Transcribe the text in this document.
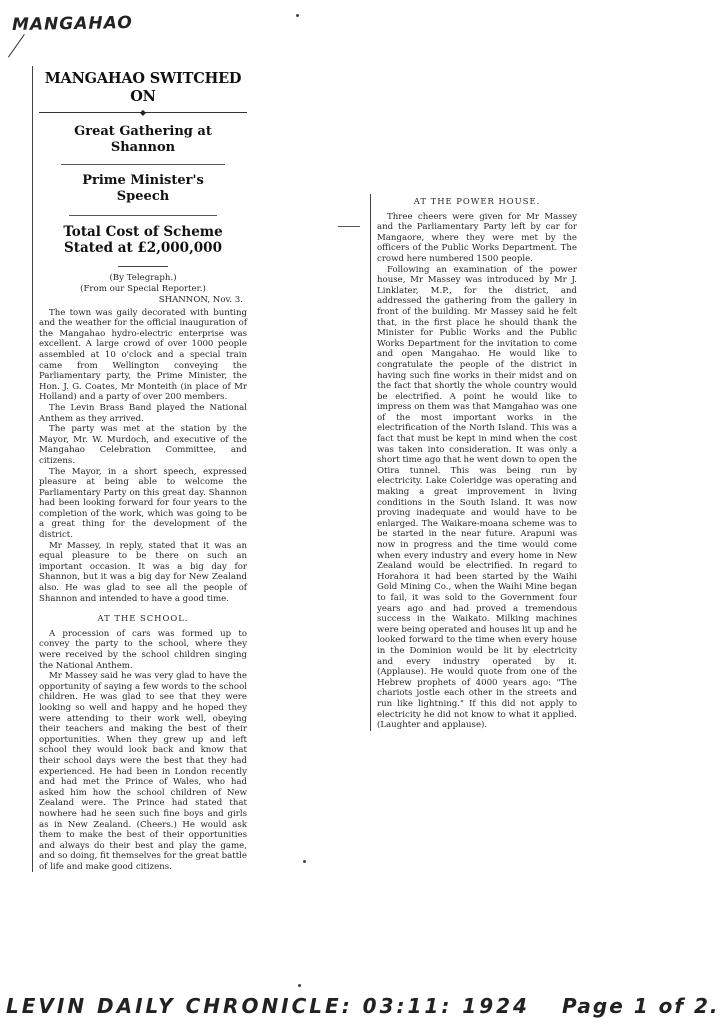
MANGAHAO

MANGAHAO SWITCHED ON

◆

Great Gathering at Shannon

Prime Minister's Speech

Total Cost of Scheme Stated at £2,000,000

(By Telegraph.)

(From our Special Reporter.)

SHANNON, Nov. 3.

The town was gaily decorated with bunting and the weather for the official inauguration of the Mangahao hydro-electric enterprise was excellent. A large crowd of over 1000 people assembled at 10 o'clock and a special train came from Wellington conveying the Parliamentary party, the Prime Minister, the Hon. J. G. Coates, Mr Monteith (in place of Mr Holland) and a party of over 200 members.

The Levin Brass Band played the National Anthem as they arrived.

The party was met at the station by the Mayor, Mr. W. Murdoch, and executive of the Mangahao Celebration Committee, and citizens.

The Mayor, in a short speech, expressed pleasure at being able to welcome the Parliamentary Party on this great day. Shannon had been looking forward for four years to the completion of the work, which was going to be a great thing for the development of the district.

Mr Massey, in reply, stated that it was an equal pleasure to be there on such an important occasion. It was a big day for Shannon, but it was a big day for New Zealand also. He was glad to see all the people of Shannon and intended to have a good time.

AT THE SCHOOL.

A procession of cars was formed up to convey the party to the school, where they were received by the school children singing the National Anthem.

Mr Massey said he was very glad to have the opportunity of saying a few words to the school children. He was glad to see that they were looking so well and happy and he hoped they were attending to their work well, obeying their teachers and making the best of their opportunities. When they grew up and left school they would look back and know that their school days were the best that they had experienced. He had been in London recently and had met the Prince of Wales, who had asked him how the school children of New Zealand were. The Prince had stated that nowhere had he seen such fine boys and girls as in New Zealand. (Cheers.) He would ask them to make the best of their opportunities and always do their best and play the game, and so doing, fit themselves for the great battle of life and make good citizens.

AT THE POWER HOUSE.

Three cheers were given for Mr Massey and the Parliamentary Party left by car for Mangaore, where they were met by the officers of the Public Works Department. The crowd here numbered 1500 people.

Following an examination of the power house, Mr Massey was introduced by Mr J. Linklater, M.P., for the district, and addressed the gathering from the gallery in front of the building. Mr Massey said he felt that, in the first place he should thank the Minister for Public Works and the Public Works Department for the invitation to come and open Mangahao. He would like to congratulate the people of the district in having such fine works in their midst and on the fact that shortly the whole country would be electrified. A point he would like to impress on them was that Mangahao was one of the most important works in the electrification of the North Island. This was a fact that must be kept in mind when the cost was taken into consideration. It was only a short time ago that he went down to open the Otira tunnel. This was being run by electricity. Lake Coleridge was operating and making a great improvement in living conditions in the South Island. It was now proving inadequate and would have to be enlarged. The Waikare-moana scheme was to be started in the near future. Arapuni was now in progress and the time would come when every industry and every home in New Zealand would be electrified. In regard to Horahora it had been started by the Waihi Gold Mining Co., when the Waihi Mine began to fail, it was sold to the Government four years ago and had proved a tremendous success in the Waikato. Milking machines were being operated and houses lit up and he looked forward to the time when every house in the Dominion would be lit by electricity and every industry operated by it. (Applause). He would quote from one of the Hebrew prophets of 4000 years ago: "The chariots jostle each other in the streets and run like lightning." If this did not apply to electricity he did not know to what it applied. (Laughter and applause).

LEVIN DAILY CHRONICLE: 03:11: 1924 Page 1 of 2.
